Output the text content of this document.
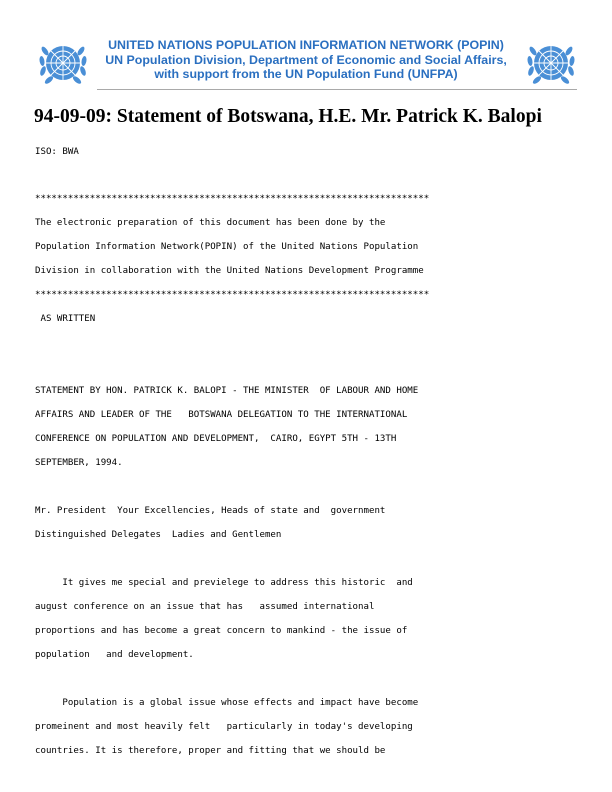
UNITED NATIONS POPULATION INFORMATION NETWORK (POPIN)
UN Population Division, Department of Economic and Social Affairs,
with support from the UN Population Fund (UNFPA)
94-09-09: Statement of Botswana, H.E. Mr. Patrick K. Balopi
ISO: BWA
************************************************************************
The electronic preparation of this document has been done by the
Population Information Network(POPIN) of the United Nations Population
Division in collaboration with the United Nations Development Programme
************************************************************************
AS WRITTEN
STATEMENT BY HON. PATRICK K. BALOPI - THE MINISTER  OF LABOUR AND HOME
AFFAIRS AND LEADER OF THE   BOTSWANA DELEGATION TO THE INTERNATIONAL
CONFERENCE ON POPULATION AND DEVELOPMENT,  CAIRO, EGYPT 5TH - 13TH
SEPTEMBER, 1994.
Mr. President  Your Excellencies, Heads of state and  government
Distinguished Delegates  Ladies and Gentlemen
It gives me special and previelege to address this historic  and
august conference on an issue that has   assumed international
proportions and has become a great concern to mankind - the issue of
population   and development.
Population is a global issue whose effects and impact have become
promeinent and most heavily felt   particularly in today's developing
countries. It is therefore, proper and fitting that we should be
